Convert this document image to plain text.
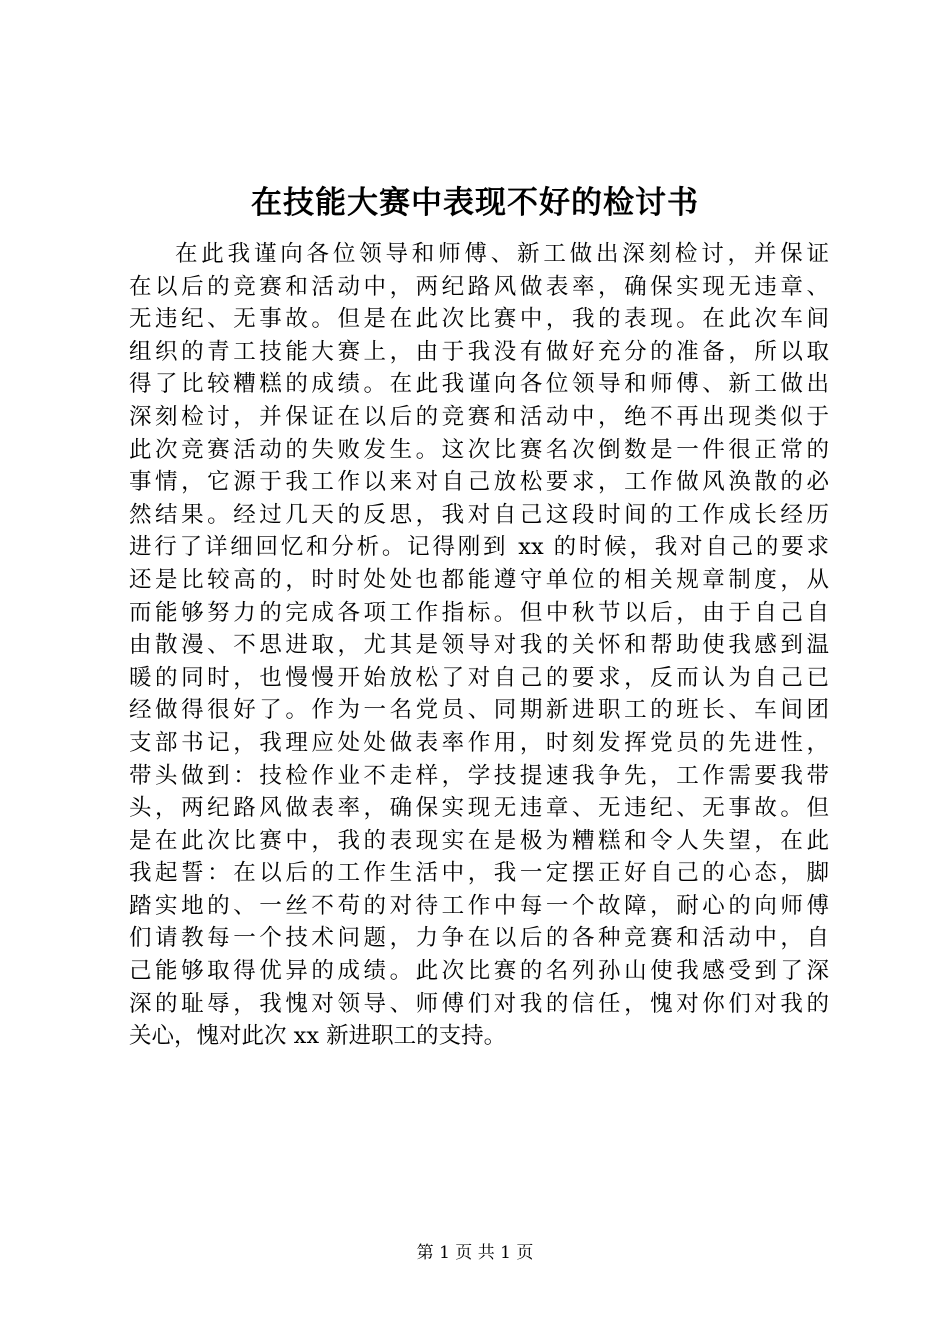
在技能大赛中表现不好的检讨书
在此我谨向各位领导和师傅、新工做出深刻检讨，并保证
在以后的竞赛和活动中，两纪路风做表率，确保实现无违章、
无违纪、无事故。但是在此次比赛中，我的表现。在此次车间
组织的青工技能大赛上，由于我没有做好充分的准备，所以取
得了比较糟糕的成绩。在此我谨向各位领导和师傅、新工做出
深刻检讨，并保证在以后的竞赛和活动中，绝不再出现类似于
此次竞赛活动的失败发生。这次比赛名次倒数是一件很正常的
事情，它源于我工作以来对自己放松要求，工作做风涣散的必
然结果。经过几天的反思，我对自己这段时间的工作成长经历
进行了详细回忆和分析。记得刚到 xx 的时候，我对自己的要求
还是比较高的，时时处处也都能遵守单位的相关规章制度，从
而能够努力的完成各项工作指标。但中秋节以后，由于自己自
由散漫、不思进取，尤其是领导对我的关怀和帮助使我感到温
暖的同时，也慢慢开始放松了对自己的要求，反而认为自己已
经做得很好了。作为一名党员、同期新进职工的班长、车间团
支部书记，我理应处处做表率作用，时刻发挥党员的先进性，
带头做到：技检作业不走样，学技提速我争先，工作需要我带
头，两纪路风做表率，确保实现无违章、无违纪、无事故。但
是在此次比赛中，我的表现实在是极为糟糕和令人失望，在此
我起誓：在以后的工作生活中，我一定摆正好自己的心态，脚
踏实地的、一丝不苟的对待工作中每一个故障，耐心的向师傅
们请教每一个技术问题，力争在以后的各种竞赛和活动中，自
己能够取得优异的成绩。此次比赛的名列孙山使我感受到了深
深的耻辱，我愧对领导、师傅们对我的信任，愧对你们对我的
关心，愧对此次 xx 新进职工的支持。

第 1 页 共 1 页
